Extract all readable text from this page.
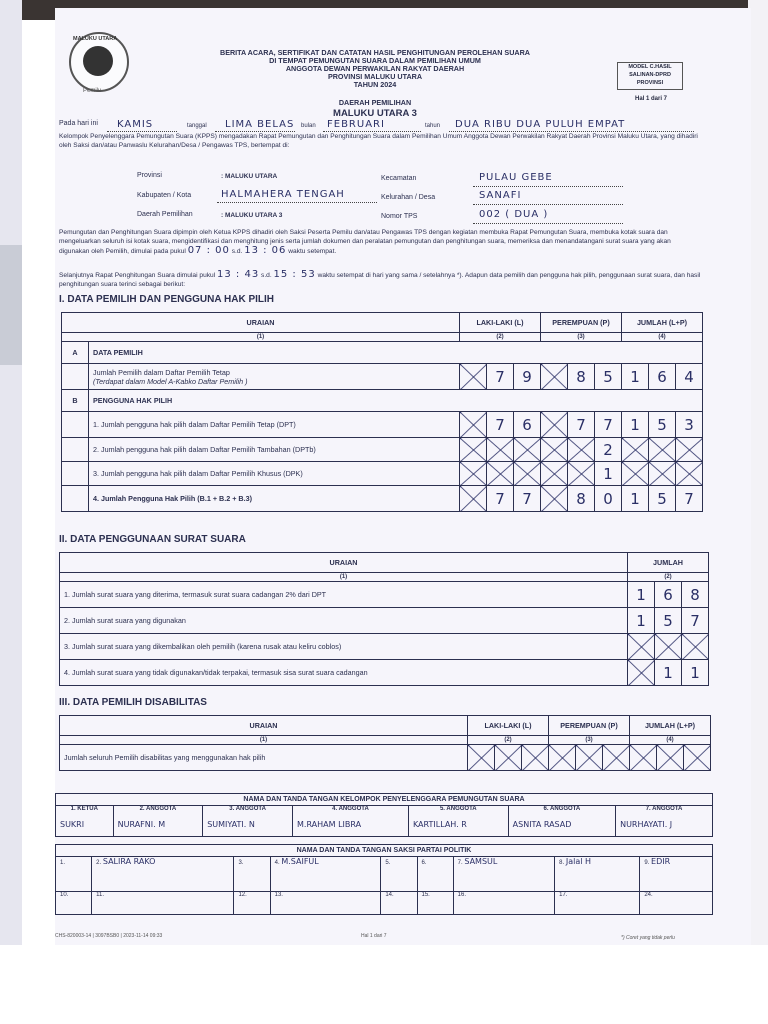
MALUKU UTARA
Pemilu
BERITA ACARA, SERTIFIKAT DAN CATATAN HASIL PENGHITUNGAN PEROLEHAN SUARA
DI TEMPAT PEMUNGUTAN SUARA DALAM PEMILIHAN UMUM
ANGGOTA DEWAN PERWAKILAN RAKYAT DAERAH
PROVINSI MALUKU UTARA
TAHUN 2024
DAERAH PEMILIHAN
MALUKU UTARA 3
MODEL C.HASIL SALINAN-DPRD PROVINSI
Hal 1 dari 7
Pada hari ini KAMIS	tanggal LIMA BELAS bulan FEBRUARI	tahun DUA RIBU DUA PULUH EMPAT
Kelompok Penyelenggara Pemungutan Suara (KPPS) mengadakan Rapat Pemungutan dan Penghitungan Suara dalam Pemilihan Umum Anggota Dewan Perwakilan Rakyat Daerah Provinsi Maluku Utara, yang dihadiri oleh Saksi dan/atau Panwaslu Kelurahan/Desa / Pengawas TPS, bertempat di:
Provinsi	: MALUKU UTARA
Kabupaten / Kota	HALMAHERA TENGAH
Daerah Pemilihan	: MALUKU UTARA 3
Kecamatan	PULAU GEBE
Kelurahan / Desa	SANAFI
Nomor TPS	002 ( DUA )
Pemungutan dan Penghitungan Suara dipimpin oleh Ketua KPPS dihadiri oleh Saksi Peserta Pemilu dan/atau Pengawas TPS dengan kegiatan membuka Rapat Pemungutan Suara, membuka kotak suara dan mengeluarkan seluruh isi kotak suara, mengidentifikasi dan menghitung jenis serta jumlah dokumen dan peralatan pemungutan dan penghitungan suara, memeriksa dan menandatangani surat suara yang akan digunakan oleh Pemilih, dimulai pada pukul 07 : 00 s.d. 13 : 06 waktu setempat.
Selanjutnya Rapat Penghitungan Suara dimulai pukul 13 : 43 s.d. 15 : 53 waktu setempat di hari yang sama / setelahnya *). Adapun data pemilih dan pengguna hak pilih, penggunaan surat suara, dan hasil penghitungan suara terinci sebagai berikut:
I. DATA PEMILIH DAN PENGGUNA HAK PILIH
URAIAN		LAKI-LAKI (L)			PEREMPUAN (P)			JUMLAH (L+P)		
(1)		(2)			(3)			(4)		
A	DATA PEMILIH									

	Jumlah Pemilih dalam Daftar Pemilih Tetap
(Terdapat dalam Model A-Kabko Daftar Pemilih )		7	9		8	5	1	6	4
B	PENGGUNA HAK PILIH									
	1. Jumlah pengguna hak pilih dalam Daftar Pemilih Tetap (DPT)		7	6		7	7	1	5	3
	2. Jumlah pengguna hak pilih dalam Daftar Pemilih Tambahan (DPTb)						2			
	3. Jumlah pengguna hak pilih dalam Daftar Pemilih Khusus (DPK)						1			
	4. Jumlah Pengguna Hak Pilih (B.1 + B.2 + B.3)		7	7		8	0	1	5	7
II. DATA PENGGUNAAN SURAT SUARA
URAIAN	JUMLAH		
(1)	(2)		
1. Jumlah surat suara yang diterima, termasuk surat suara cadangan 2% dari DPT	1	6	8
2. Jumlah surat suara yang digunakan	1	5	7
3. Jumlah surat suara yang dikembalikan oleh pemilih (karena rusak atau keliru coblos)			
4. Jumlah surat suara yang tidak digunakan/tidak terpakai, termasuk sisa surat suara cadangan		1	1
III. DATA PEMILIH DISABILITAS
URAIAN	LAKI-LAKI (L)			PEREMPUAN (P)			JUMLAH (L+P)		
(1)	(2)			(3)			(4)		
Jumlah seluruh Pemilih disabilitas yang menggunakan hak pilih									
NAMA DAN TANDA TANGAN KELOMPOK PENYELENGGARA PEMUNGUTAN SUARA

1. KETUA
SUKRI

2. ANGGOTA
NURAFNI. M

3. ANGGOTA
SUMIYATI. N

4. ANGGOTA
M.RAHAM LIBRA

5. ANGGOTA
KARTILLAH. R

6. ANGGOTA
ASNITA RASAD

7. ANGGOTA
NURHAYATI. J
NAMA DAN TANDA TANGAN SAKSI PARTAI POLITIK								
1.	2. SALIRA RAKO	3.	4. M.SAIFUL	5.	6.	7. SAMSUL	8. Jalal H	9. EDIR
10.	11.	12.	13.	14.	15.	16.	17.	24.
CHS-820003-14 | 3097BSB0 | 2023-11-14 09:33	Hal 1 dari 7	*) Coret yang tidak perlu
